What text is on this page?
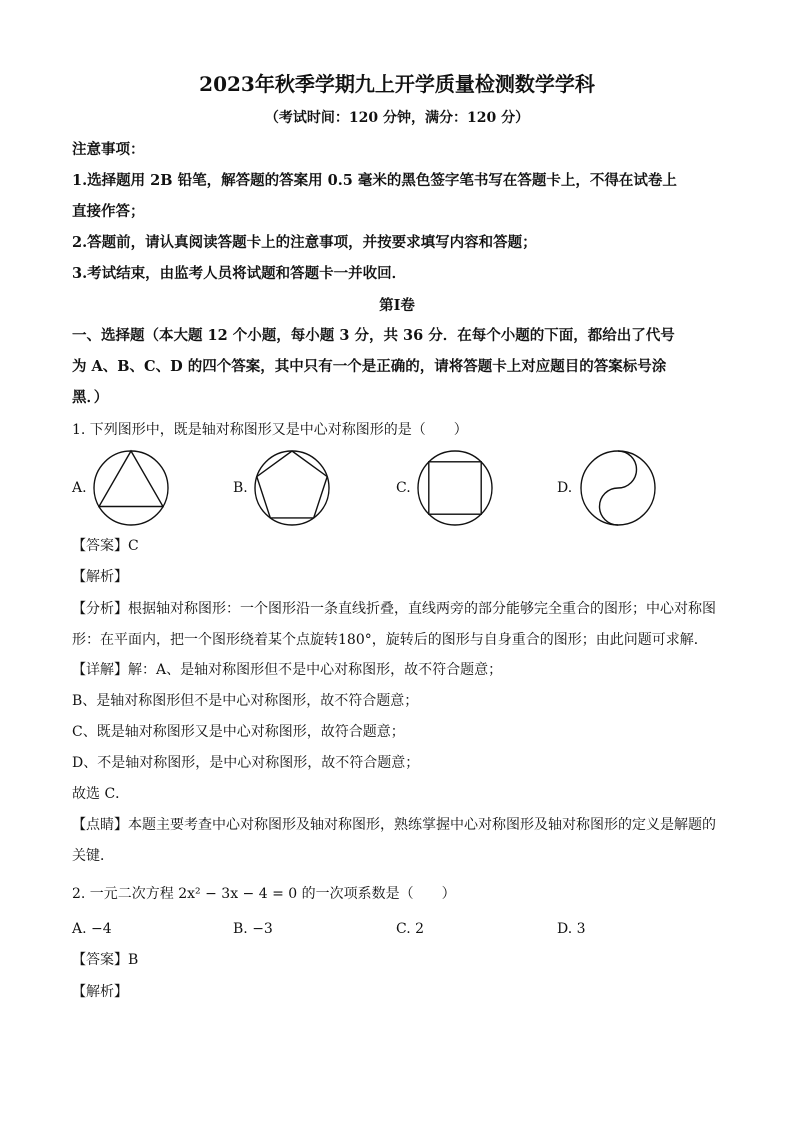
2023年秋季学期九上开学质量检测数学学科
（考试时间：120 分钟，满分：120 分）
注意事项：
1.选择题用 2B 铅笔，解答题的答案用 0.5 毫米的黑色签字笔书写在答题卡上，不得在试卷上
直接作答；
2.答题前，请认真阅读答题卡上的注意事项，并按要求填写内容和答题；
3.考试结束，由监考人员将试题和答题卡一并收回．
第Ⅰ卷
一、选择题（本大题 12 个小题，每小题 3 分，共 36 分．在每个小题的下面，都给出了代号
为 A、B、C、D 的四个答案，其中只有一个是正确的，请将答题卡上对应题目的答案标号涂
黑．）
1. 下列图形中，既是轴对称图形又是中心对称图形的是（　　）
A.	B.	C.	D.
【答案】C
【解析】
【分析】根据轴对称图形：一个图形沿一条直线折叠，直线两旁的部分能够完全重合的图形；中心对称图
形：在平面内，把一个图形绕着某个点旋转180°，旋转后的图形与自身重合的图形；由此问题可求解．
【详解】解：A、是轴对称图形但不是中心对称图形，故不符合题意；
B、是轴对称图形但不是中心对称图形，故不符合题意；
C、既是轴对称图形又是中心对称图形，故符合题意；
D、不是轴对称图形，是中心对称图形，故不符合题意；
故选 C．
【点睛】本题主要考查中心对称图形及轴对称图形，熟练掌握中心对称图形及轴对称图形的定义是解题的
关键．
2. 一元二次方程 2x² − 3x − 4 = 0 的一次项系数是（　　）
A. −4	B. −3	C. 2	D. 3
【答案】B
【解析】
